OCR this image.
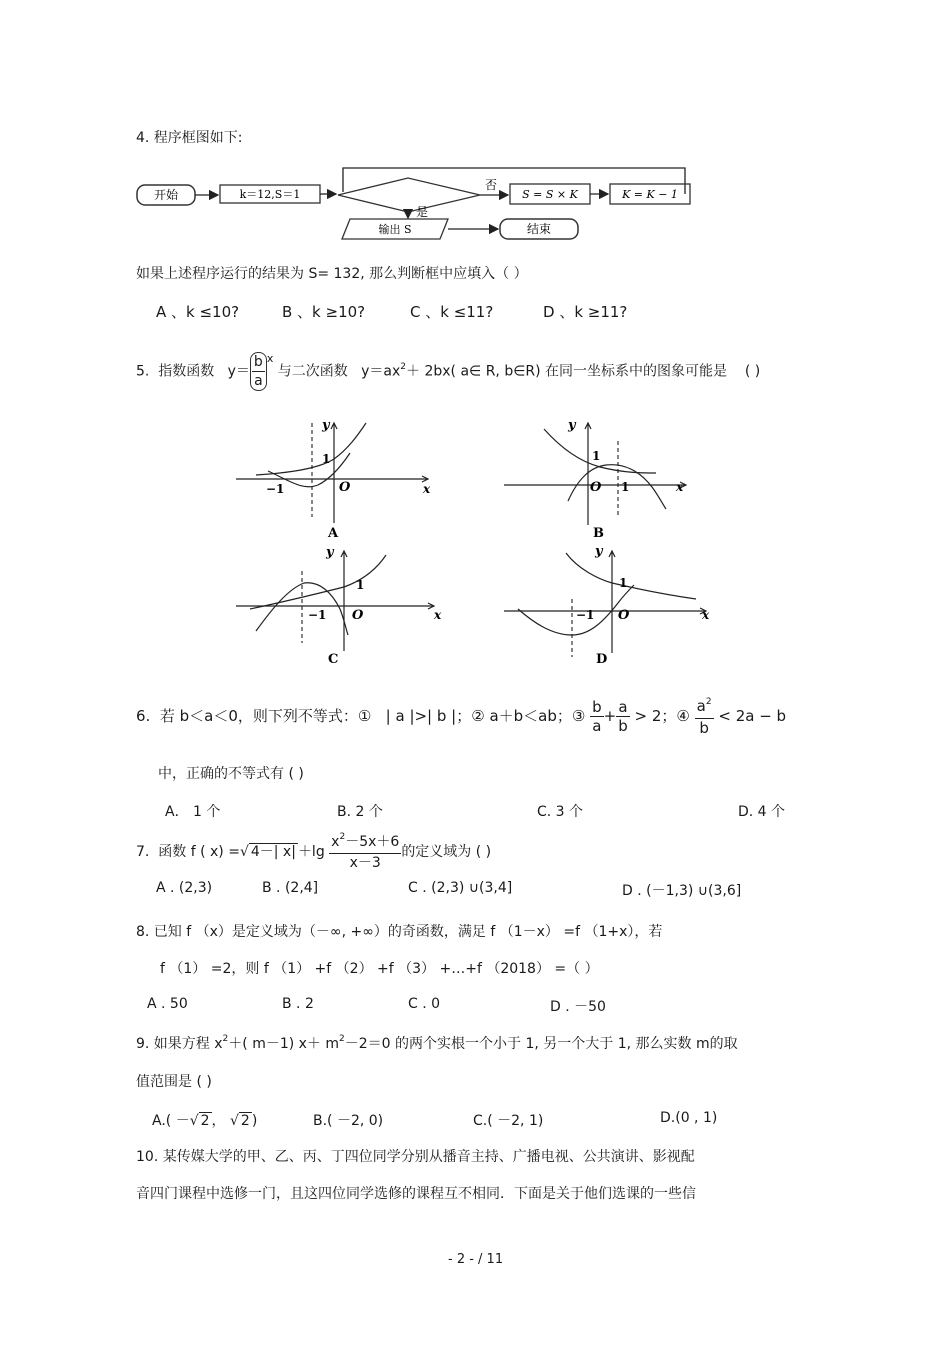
4. 程序框图如下:
开始	k＝12,S＝1
否
S = S × K	K = K − 1
是
输出 S	结束
如果上述程序运行的结果为 S= 132, 那么判断框中应填入（ ）
A 、k ≤10?	B 、k ≥10?	C 、k ≤11?	D 、k ≥11?
5. 指数函数 $y= \frac{b}{a} ^x$ 与二次函数 $y=ax^2+ 2bx$( a∈ R, b∈R) 在同一坐标系中的图象可能是 ( )
y
x
O
1
−1
A
y
x
O
1
1
B
y
x
O
1
−1
C
y
x
O
1
−1
D
6. 若 b＜a＜0，则下列不等式：① | a |>| b |；② a＋b＜ab；③ $\frac{b}{a} + \frac{a}{b} > 2$；④ $\frac{a^2}{b} < 2a - b$
中，正确的不等式有 ( )
A． 1 个	B. 2 个	C. 3 个	D. 4 个
7. 函数 f ( x) =√ 4－| $x| +\lg \frac{x^2-5x+6}{x-3}$ 的定义域为 ( )
A . (2,3)	B . (2,4]	C . (2,3) ∪(3,4]	D . (－1,3) ∪(3,6]
8. 已知 f （x）是定义域为（－∞, +∞）的奇函数，满足 f （1－x） =f （1+x），若
f （1） =2，则 f （1） +f （2） +f （3） +…+f （2018） =（ ）
A . 50	B . 2	C . 0	D . －50
9. 如果方程 $x^2+$( m－1) $x+ m^2-2=0$ 的两个实根一个小于 1, 另一个大于 1, 那么实数 m的取
值范围是 ( )
A.( －√ 2 ， √ 2 )	B.( －2, 0)	C.( －2, 1)	D.(0 , 1)
10. 某传媒大学的甲、乙、丙、丁四位同学分别从播音主持、广播电视、公共演讲、影视配
音四门课程中选修一门，且这四位同学选修的课程互不相同．下面是关于他们选课的一些信
- 2 - / 11
